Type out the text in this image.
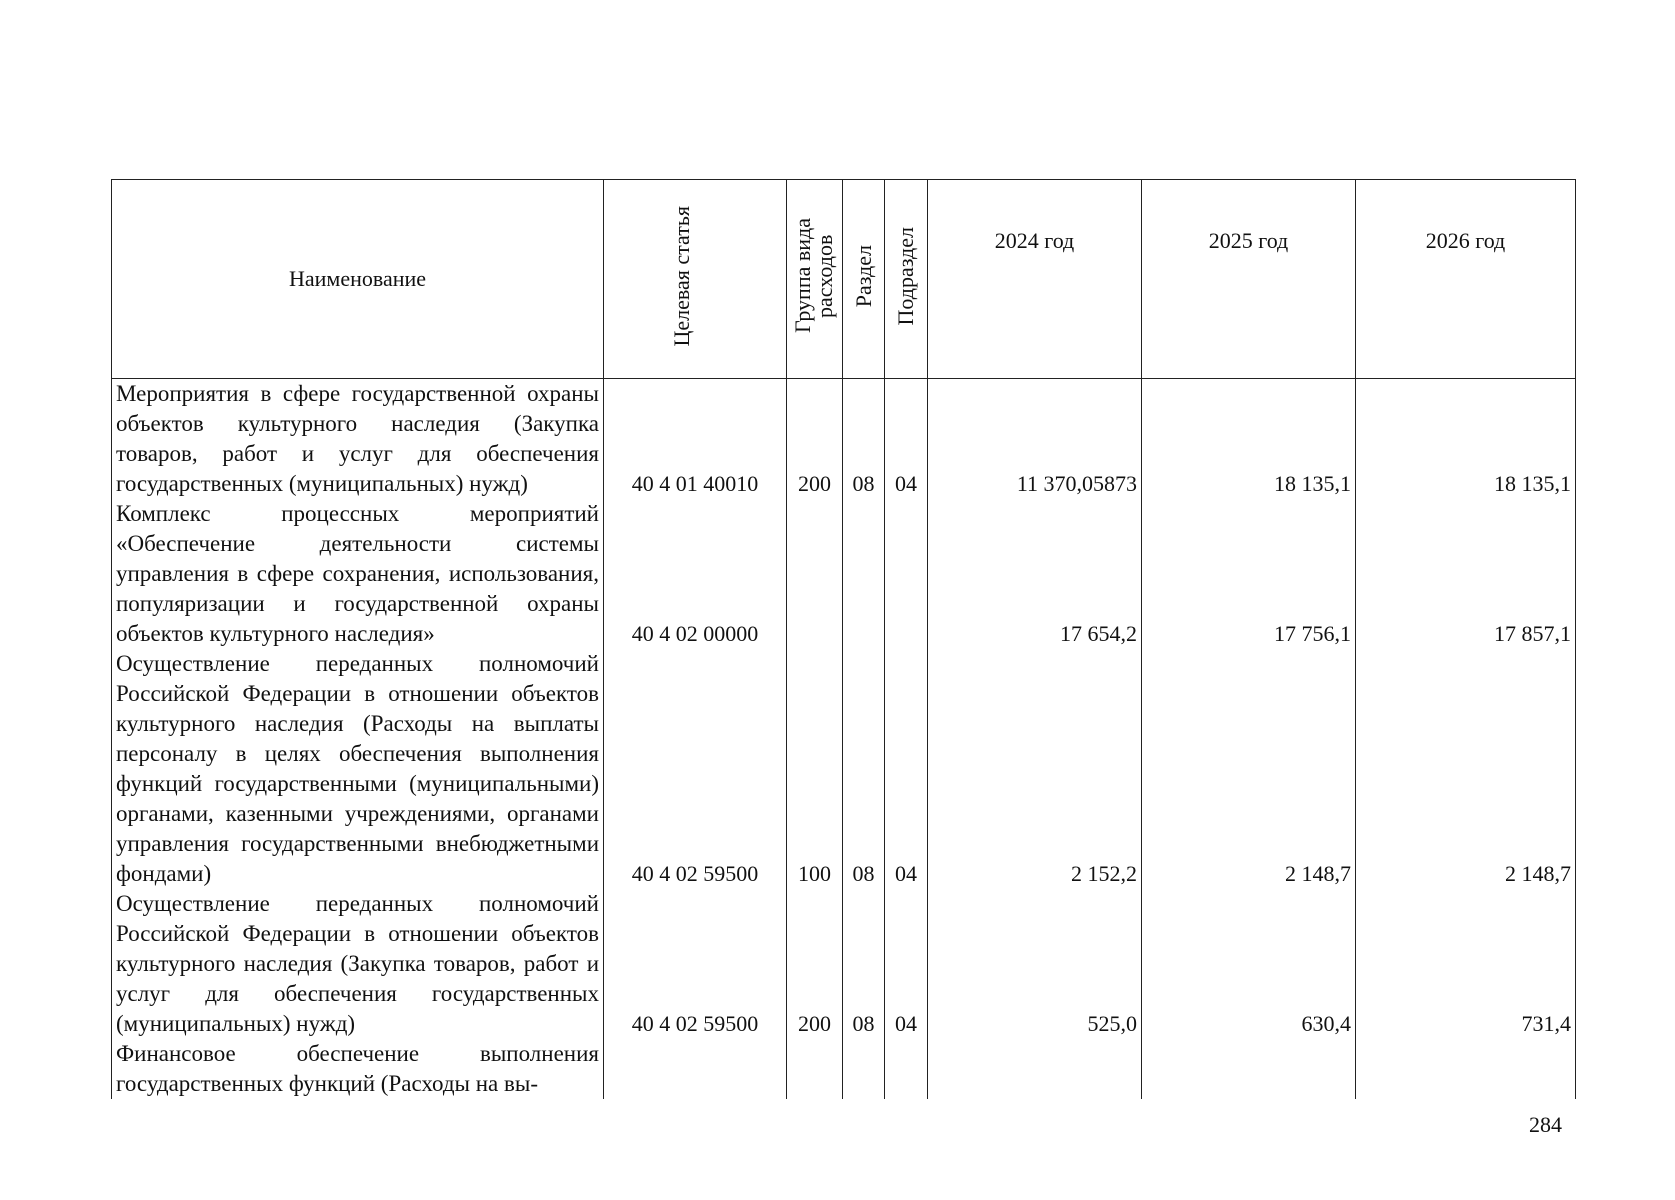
Наименование	Целевая статья	Группа вида расходов	Раздел	Подраздел	2024 год	2025 год	2026 год
Мероприятия в сфере государственной охраны объектов культурного наследия (Закупка товаров, работ и услуг для обеспечения государственных (муниципальных) нужд)	40 4 01 40010	200	08	04	11 370,05873	18 135,1	18 135,1
Комплекс процессных мероприятий «Обеспечение деятельности системы управления в сфере сохранения, использования, популяризации и государственной охраны объектов культурного наследия»	40 4 02 00000				17 654,2	17 756,1	17 857,1
Осуществление переданных полномочий Российской Федерации в отношении объектов культурного наследия (Расходы на выплаты персоналу в целях обеспечения выполнения функций государственными (муниципальными) органами, казенными учреждениями, органами управления государственными внебюджетными фондами)	40 4 02 59500	100	08	04	2 152,2	2 148,7	2 148,7
Осуществление переданных полномочий Российской Федерации в отношении объектов культурного наследия (Закупка товаров, работ и услуг для обеспечения государственных (муниципальных) нужд)	40 4 02 59500	200	08	04	525,0	630,4	731,4
Финансовое обеспечение выполнения государственных функций (Расходы на вы-							
284
